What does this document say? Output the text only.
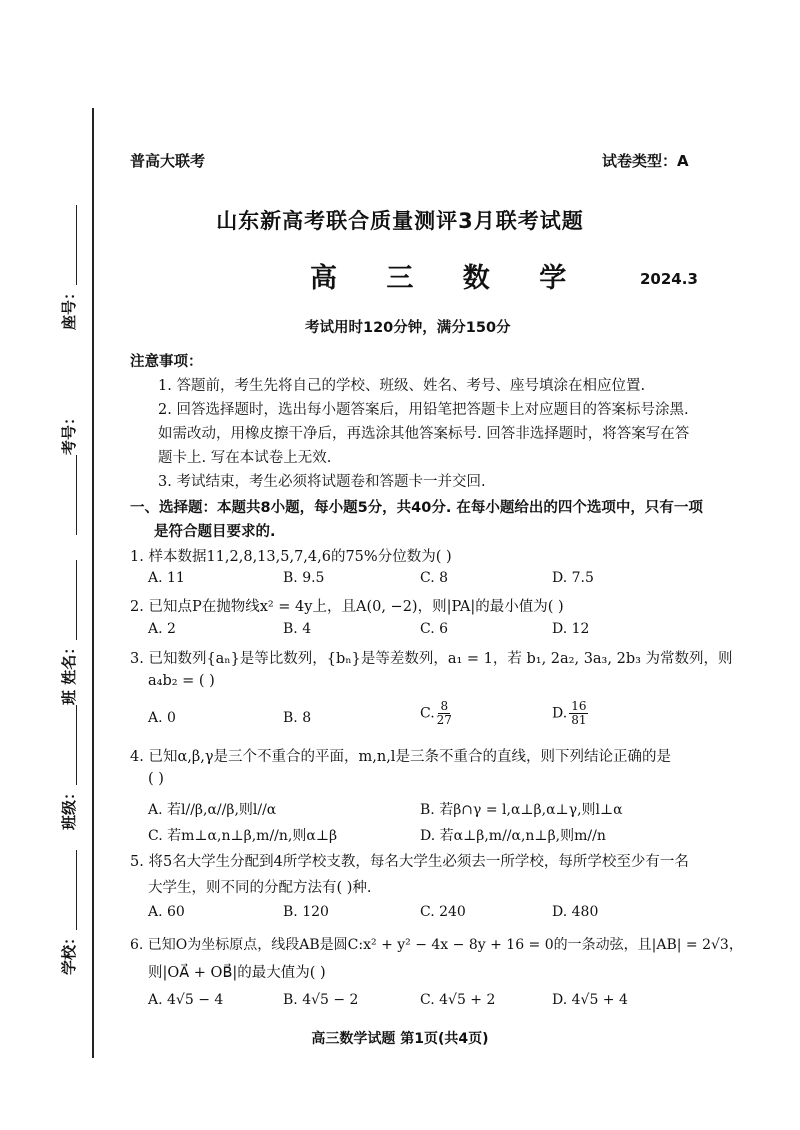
座号：
考号：
班 姓名：
班级：
学校：
普高大联考	试卷类型：A
山东新高考联合质量测评3月联考试题
高 三 数 学	2024.3
考试用时120分钟，满分150分
注意事项：
1. 答题前，考生先将自己的学校、班级、姓名、考号、座号填涂在相应位置.
2. 回答选择题时，选出每小题答案后，用铅笔把答题卡上对应题目的答案标号涂黑.
如需改动，用橡皮擦干净后，再选涂其他答案标号. 回答非选择题时，将答案写在答
题卡上. 写在本试卷上无效.
3. 考试结束，考生必须将试题卷和答题卡一并交回.
一、选择题：本题共8小题，每小题5分，共40分. 在每小题给出的四个选项中，只有一项
是符合题目要求的.
1. 样本数据11,2,8,13,5,7,4,6的75%分位数为( )
A. 11	B. 9.5	C. 8	D. 7.5
2. 已知点P在抛物线x² = 4y上，且A(0, −2)，则|PA|的最小值为( )
A. 2	B. 4	C. 6	D. 12
3. 已知数列{aₙ}是等比数列，{bₙ}是等差数列，a₁ = 1，若 b₁, 2a₂, 3a₃, 2b₃ 为常数列，则
a₄b₂ = ( )
A. 0	B. 8	C. $\frac{8}{27}$	D. $\frac{16}{81}$
4. 已知α,β,γ是三个不重合的平面，m,n,l是三条不重合的直线，则下列结论正确的是
( )
A. 若l//β,α//β,则l//α	B. 若β∩γ = l,α⊥β,α⊥γ,则l⊥α
C. 若m⊥α,n⊥β,m//n,则α⊥β	D. 若α⊥β,m//α,n⊥β,则m//n
5. 将5名大学生分配到4所学校支教，每名大学生必须去一所学校，每所学校至少有一名
大学生，则不同的分配方法有( )种.
A. 60	B. 120	C. 240	D. 480
6. 已知O为坐标原点，线段AB是圆C:x² + y² − 4x − 8y + 16 = 0的一条动弦，且|AB| = 2√3，
则|OA⃗ + OB⃗|的最大值为( )
A. 4√5 − 4	B. 4√5 − 2	C. 4√5 + 2	D. 4√5 + 4
高三数学试题 第1页(共4页)
